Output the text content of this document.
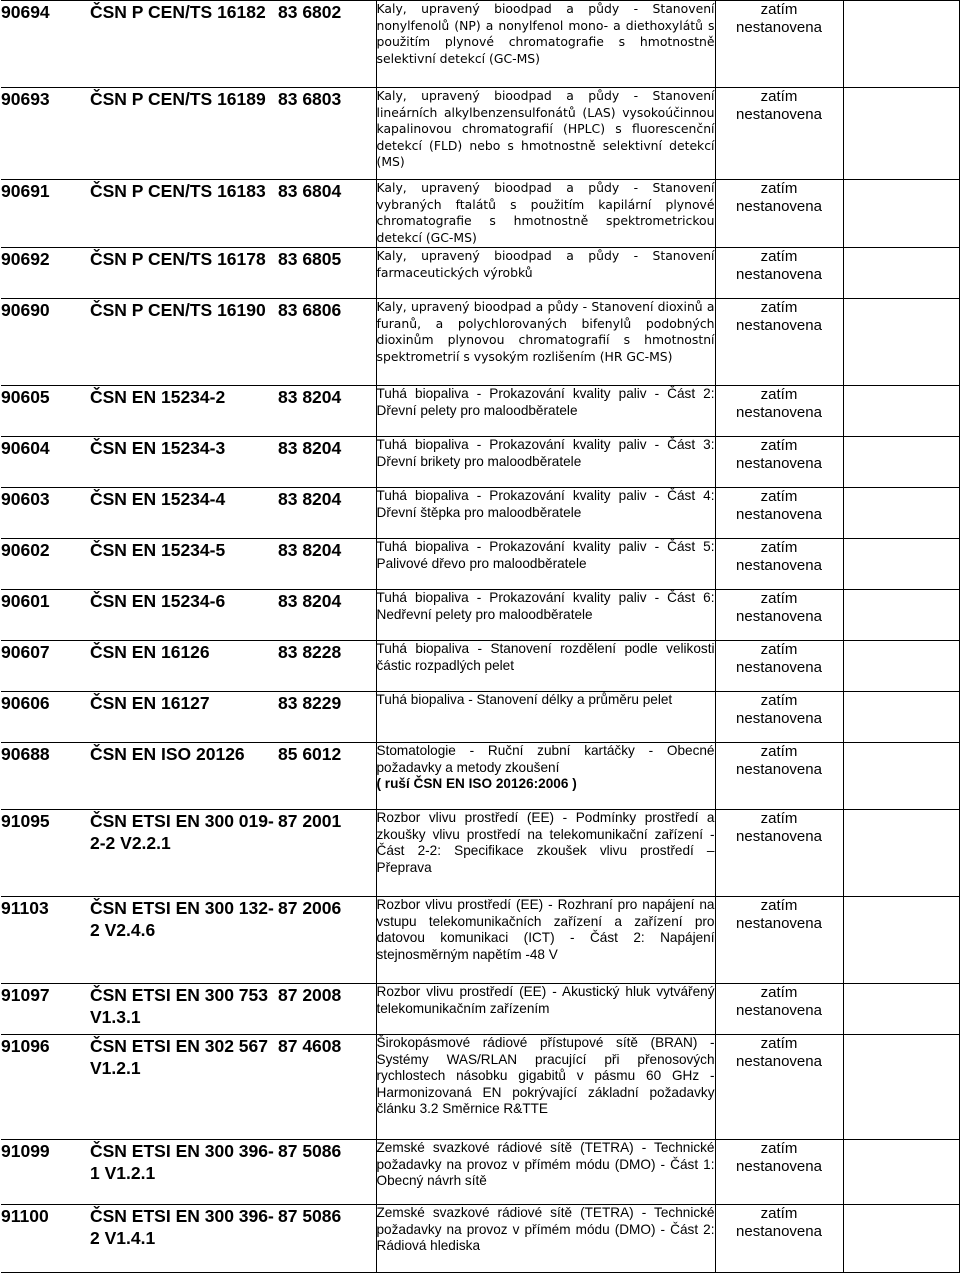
90694	ČSN P CEN/TS 16182	83 6802	Kaly, upravený bioodpad a půdy - Stanovení nonylfenolů (NP) a nonylfenol mono- a diethoxylátů s použitím plynové chromatografie s hmotnostně selektivní detekcí (GC-MS)	zatím
nestanovena	
90693	ČSN P CEN/TS 16189	83 6803	Kaly, upravený bioodpad a půdy - Stanovení lineárních alkylbenzensulfonátů (LAS) vysokoúčinnou kapalinovou chromatografií (HPLC) s fluorescenční detekcí (FLD) nebo s hmotnostně selektivní detekcí (MS)	zatím
nestanovena	
90691	ČSN P CEN/TS 16183	83 6804	Kaly, upravený bioodpad a půdy - Stanovení vybraných ftalátů s použitím kapilární plynové chromatografie s hmotnostně spektrometrickou detekcí (GC-MS)	zatím
nestanovena	
90692	ČSN P CEN/TS 16178	83 6805	Kaly, upravený bioodpad a půdy - Stanovení farmaceutických výrobků	zatím
nestanovena	
90690	ČSN P CEN/TS 16190	83 6806	Kaly, upravený bioodpad a půdy - Stanovení dioxinů a furanů, a polychlorovaných bifenylů podobných dioxinům plynovou chromatografií s hmotnostní spektrometrií s vysokým rozlišením (HR GC-MS)	zatím
nestanovena	
90605	ČSN EN 15234-2	83 8204	Tuhá biopaliva - Prokazování kvality paliv - Část 2: Dřevní pelety pro maloodběratele	zatím
nestanovena	
90604	ČSN EN 15234-3	83 8204	Tuhá biopaliva - Prokazování kvality paliv - Část 3: Dřevní brikety pro maloodběratele	zatím
nestanovena	
90603	ČSN EN 15234-4	83 8204	Tuhá biopaliva - Prokazování kvality paliv - Část 4: Dřevní štěpka pro maloodběratele	zatím
nestanovena	
90602	ČSN EN 15234-5	83 8204	Tuhá biopaliva - Prokazování kvality paliv - Část 5: Palivové dřevo pro maloodběratele	zatím
nestanovena	
90601	ČSN EN 15234-6	83 8204	Tuhá biopaliva - Prokazování kvality paliv - Část 6: Nedřevní pelety pro maloodběratele	zatím
nestanovena	
90607	ČSN EN 16126	83 8228	Tuhá biopaliva - Stanovení rozdělení podle velikosti částic rozpadlých pelet	zatím
nestanovena	
90606	ČSN EN 16127	83 8229	Tuhá biopaliva - Stanovení délky a průměru pelet	zatím
nestanovena	
90688	ČSN EN ISO 20126	85 6012	Stomatologie - Ruční zubní kartáčky - Obecné požadavky a metody zkoušení
( ruší ČSN EN ISO 20126:2006 )	zatím
nestanovena	
91095	ČSN ETSI EN 300 019-2-2 V2.2.1	87 2001	Rozbor vlivu prostředí (EE) - Podmínky prostředí a zkoušky vlivu prostředí na telekomunikační zařízení - Část 2-2: Specifikace zkoušek vlivu prostředí – Přeprava	zatím
nestanovena	
91103	ČSN ETSI EN 300 132-2 V2.4.6	87 2006	Rozbor vlivu prostředí (EE) - Rozhraní pro napájení na vstupu telekomunikačních zařízení a zařízení pro datovou komunikaci (ICT) - Část 2: Napájení stejnosměrným napětím -48 V	zatím
nestanovena	
91097	ČSN ETSI EN 300 753 V1.3.1	87 2008	Rozbor vlivu prostředí (EE) - Akustický hluk vytvářený telekomunikačním zařízením	zatím
nestanovena	
91096	ČSN ETSI EN 302 567 V1.2.1	87 4608	Širokopásmové rádiové přístupové sítě (BRAN) - Systémy WAS/RLAN pracující při přenosových rychlostech násobku gigabitů v pásmu 60 GHz - Harmonizovaná EN pokrývající základní požadavky článku 3.2 Směrnice R&TTE	zatím
nestanovena	
91099	ČSN ETSI EN 300 396-1 V1.2.1	87 5086	Zemské svazkové rádiové sítě (TETRA) - Technické požadavky na provoz v přímém módu (DMO) - Část 1: Obecný návrh sítě	zatím
nestanovena	
91100	ČSN ETSI EN 300 396-2 V1.4.1	87 5086	Zemské svazkové rádiové sítě (TETRA) - Technické požadavky na provoz v přímém módu (DMO) - Část 2: Rádiová hlediska	zatím
nestanovena	
